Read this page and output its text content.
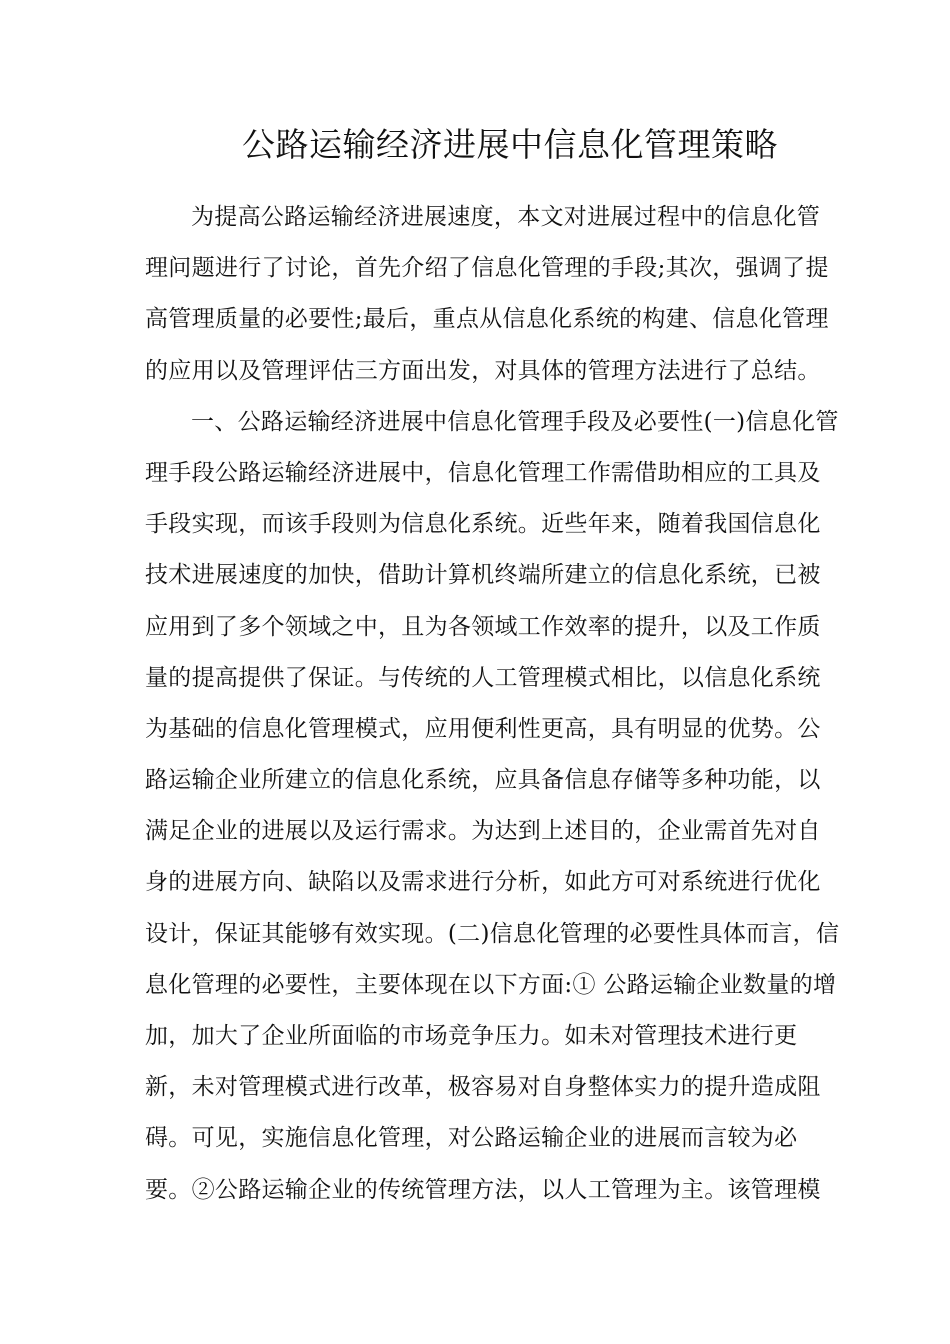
公路运输经济进展中信息化管理策略
为提高公路运输经济进展速度，本文对进展过程中的信息化管
理问题进行了讨论，首先介绍了信息化管理的手段;其次，强调了提
高管理质量的必要性;最后，重点从信息化系统的构建、信息化管理
的应用以及管理评估三方面出发，对具体的管理方法进行了总结。
一、公路运输经济进展中信息化管理手段及必要性(一)信息化管
理手段公路运输经济进展中，信息化管理工作需借助相应的工具及
手段实现，而该手段则为信息化系统。近些年来，随着我国信息化
技术进展速度的加快，借助计算机终端所建立的信息化系统，已被
应用到了多个领域之中，且为各领域工作效率的提升，以及工作质
量的提高提供了保证。与传统的人工管理模式相比，以信息化系统
为基础的信息化管理模式，应用便利性更高，具有明显的优势。公
路运输企业所建立的信息化系统，应具备信息存储等多种功能，以
满足企业的进展以及运行需求。为达到上述目的，企业需首先对自
身的进展方向、缺陷以及需求进行分析，如此方可对系统进行优化
设计，保证其能够有效实现。(二)信息化管理的必要性具体而言，信
息化管理的必要性，主要体现在以下方面:① 公路运输企业数量的增
加，加大了企业所面临的市场竞争压力。如未对管理技术进行更
新，未对管理模式进行改革，极容易对自身整体实力的提升造成阻
碍。可见，实施信息化管理，对公路运输企业的进展而言较为必
要。②公路运输企业的传统管理方法，以人工管理为主。该管理模
